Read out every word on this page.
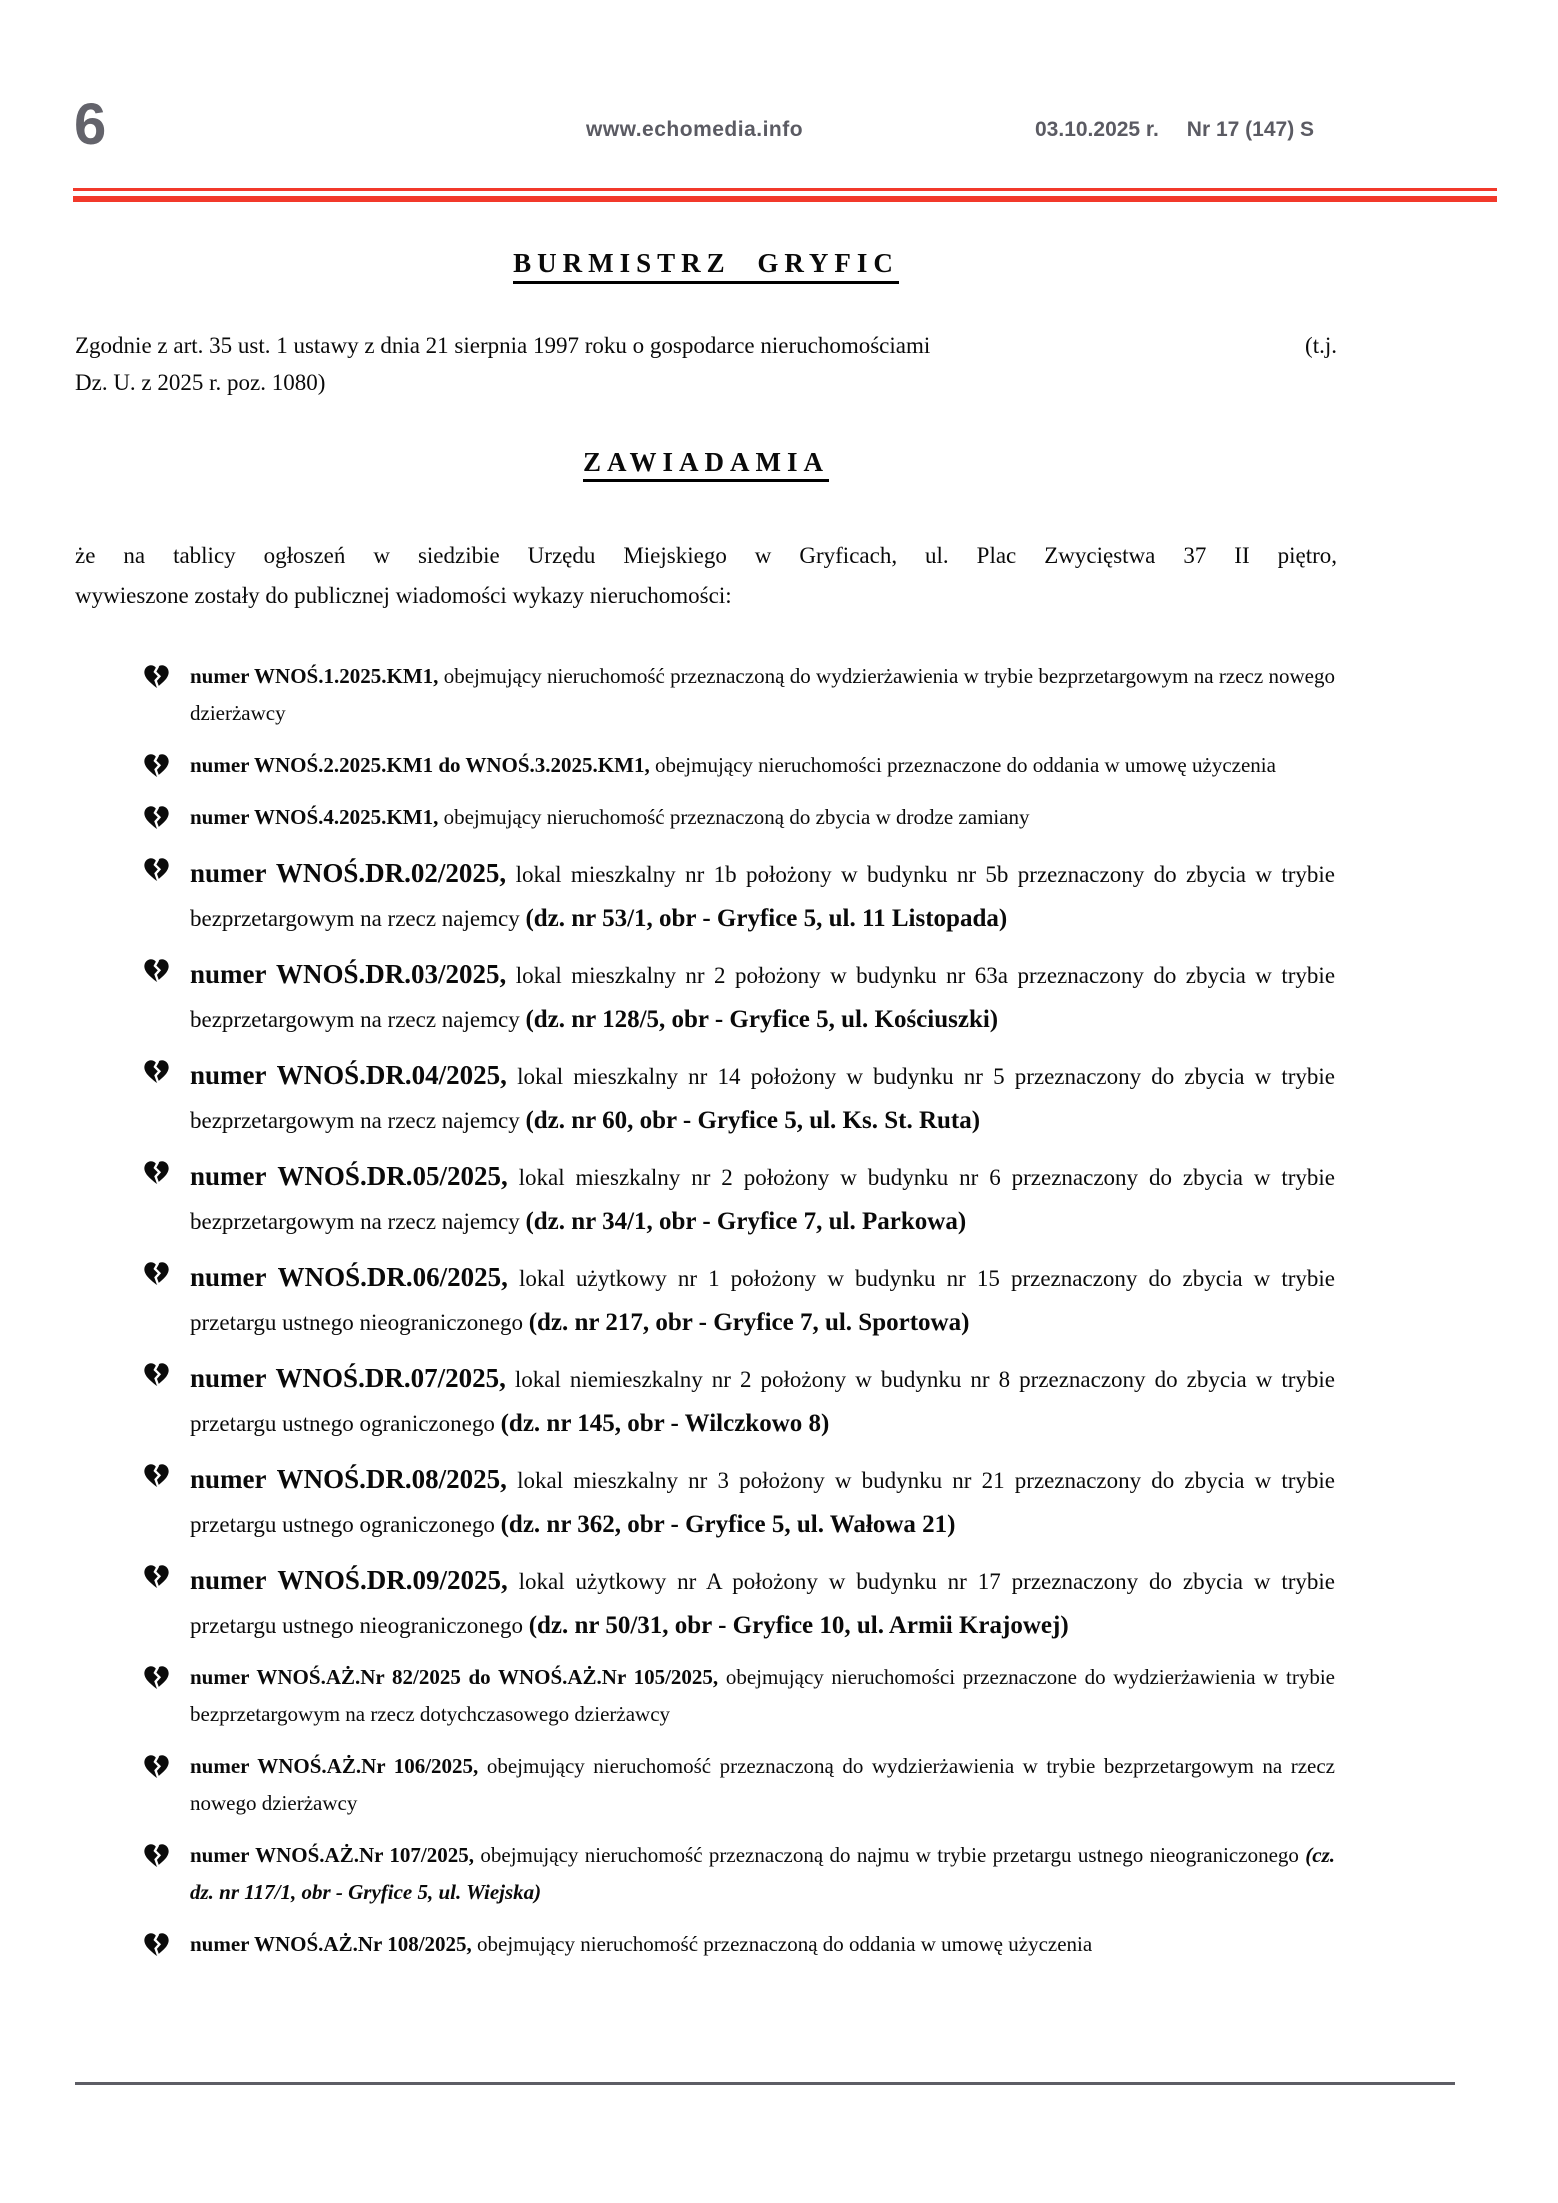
6	www.echomedia.info	03.10.2025 r. Nr 17 (147) S
BURMISTRZ GRYFIC
Zgodnie z art. 35 ust. 1 ustawy z dnia 21 sierpnia 1997 roku o gospodarce nieruchomościami	(t.j.
Dz. U. z 2025 r. poz. 1080)
ZAWIADAMIA
że na tablicy ogłoszeń w siedzibie Urzędu Miejskiego w Gryficach, ul. Plac Zwycięstwa 37 II piętro,
wywieszone zostały do publicznej wiadomości wykazy nieruchomości:
numer WNOŚ.1.2025.KM1, obejmujący nieruchomość przeznaczoną do wydzierżawienia w trybie bezprzetargowym na rzecz nowego dzierżawcy
numer WNOŚ.2.2025.KM1 do WNOŚ.3.2025.KM1, obejmujący nieruchomości przeznaczone do oddania w umowę użyczenia
numer WNOŚ.4.2025.KM1, obejmujący nieruchomość przeznaczoną do zbycia w drodze zamiany
numer WNOŚ.DR.02/2025, lokal mieszkalny nr 1b położony w budynku nr 5b przeznaczony do zbycia w trybie bezprzetargowym na rzecz najemcy (dz. nr 53/1, obr - Gryfice 5, ul. 11 Listopada)
numer WNOŚ.DR.03/2025, lokal mieszkalny nr 2 położony w budynku nr 63a przeznaczony do zbycia w trybie bezprzetargowym na rzecz najemcy (dz. nr 128/5, obr - Gryfice 5, ul. Kościuszki)
numer WNOŚ.DR.04/2025, lokal mieszkalny nr 14 położony w budynku nr 5 przeznaczony do zbycia w trybie bezprzetargowym na rzecz najemcy (dz. nr 60, obr - Gryfice 5, ul. Ks. St. Ruta)
numer WNOŚ.DR.05/2025, lokal mieszkalny nr 2 położony w budynku nr 6 przeznaczony do zbycia w trybie bezprzetargowym na rzecz najemcy (dz. nr 34/1, obr - Gryfice 7, ul. Parkowa)
numer WNOŚ.DR.06/2025, lokal użytkowy nr 1 położony w budynku nr 15 przeznaczony do zbycia w trybie przetargu ustnego nieograniczonego (dz. nr 217, obr - Gryfice 7, ul. Sportowa)
numer WNOŚ.DR.07/2025, lokal niemieszkalny nr 2 położony w budynku nr 8 przeznaczony do zbycia w trybie przetargu ustnego ograniczonego (dz. nr 145, obr - Wilczkowo 8)
numer WNOŚ.DR.08/2025, lokal mieszkalny nr 3 położony w budynku nr 21 przeznaczony do zbycia w trybie przetargu ustnego ograniczonego (dz. nr 362, obr - Gryfice 5, ul. Wałowa 21)
numer WNOŚ.DR.09/2025, lokal użytkowy nr A położony w budynku nr 17 przeznaczony do zbycia w trybie przetargu ustnego nieograniczonego (dz. nr 50/31, obr - Gryfice 10, ul. Armii Krajowej)
numer WNOŚ.AŻ.Nr 82/2025 do WNOŚ.AŻ.Nr 105/2025, obejmujący nieruchomości przeznaczone do wydzierżawienia w trybie bezprzetargowym na rzecz dotychczasowego dzierżawcy
numer WNOŚ.AŻ.Nr 106/2025, obejmujący nieruchomość przeznaczoną do wydzierżawienia w trybie bezprzetargowym na rzecz nowego dzierżawcy
numer WNOŚ.AŻ.Nr 107/2025, obejmujący nieruchomość przeznaczoną do najmu w trybie przetargu ustnego nieograniczonego (cz. dz. nr 117/1, obr - Gryfice 5, ul. Wiejska)
numer WNOŚ.AŻ.Nr 108/2025, obejmujący nieruchomość przeznaczoną do oddania w umowę użyczenia
